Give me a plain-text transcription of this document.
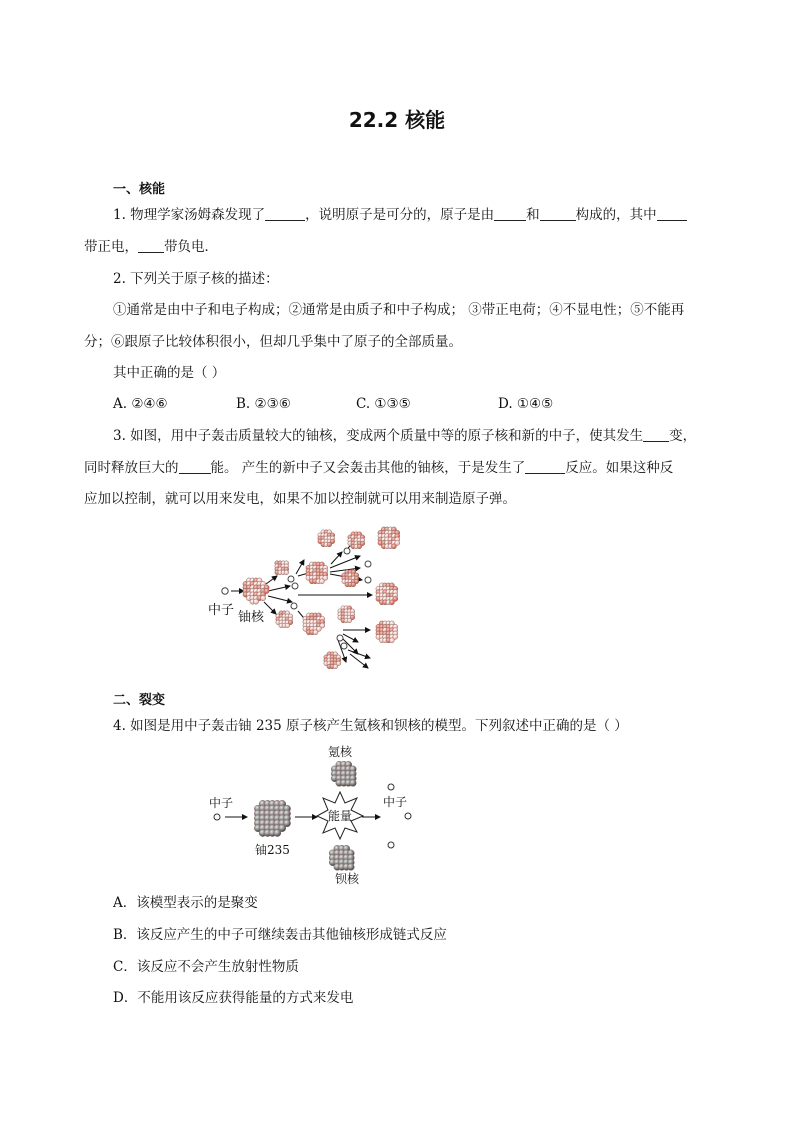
22.2 核能
一、核能
1. 物理学家汤姆森发现了	，说明原子是可分的，原子是由 和	构成的，其中
带正电， 带负电．
2. 下列关于原子核的描述：
①通常是由中子和电子构成；②通常是由质子和中子构成； ③带正电荷；④不显电性；⑤不能再
分；⑥跟原子比较体积很小，但却几乎集中了原子的全部质量。
其中正确的是（ ）
A. ②④⑥	B. ②③⑥	C. ①③⑤	D. ①④⑤
3. 如图，用中子轰击质量较大的铀核，变成两个质量中等的原子核和新的中子，使其发生 变，
同时释放巨大的 能。 产生的新中子又会轰击其他的铀核，于是发生了	反应。如果这种反
应加以控制，就可以用来发电，如果不加以控制就可以用来制造原子弹。
中子 铀核
二、裂变
4. 如图是用中子轰击铀 235 原子核产生氪核和钡核的模型。下列叙述中正确的是（ ）
氪核
中子	中子
能量
铀235
钡核
A．该模型表示的是聚变
B．该反应产生的中子可继续轰击其他铀核形成链式反应
C．该反应不会产生放射性物质
D．不能用该反应获得能量的方式来发电
